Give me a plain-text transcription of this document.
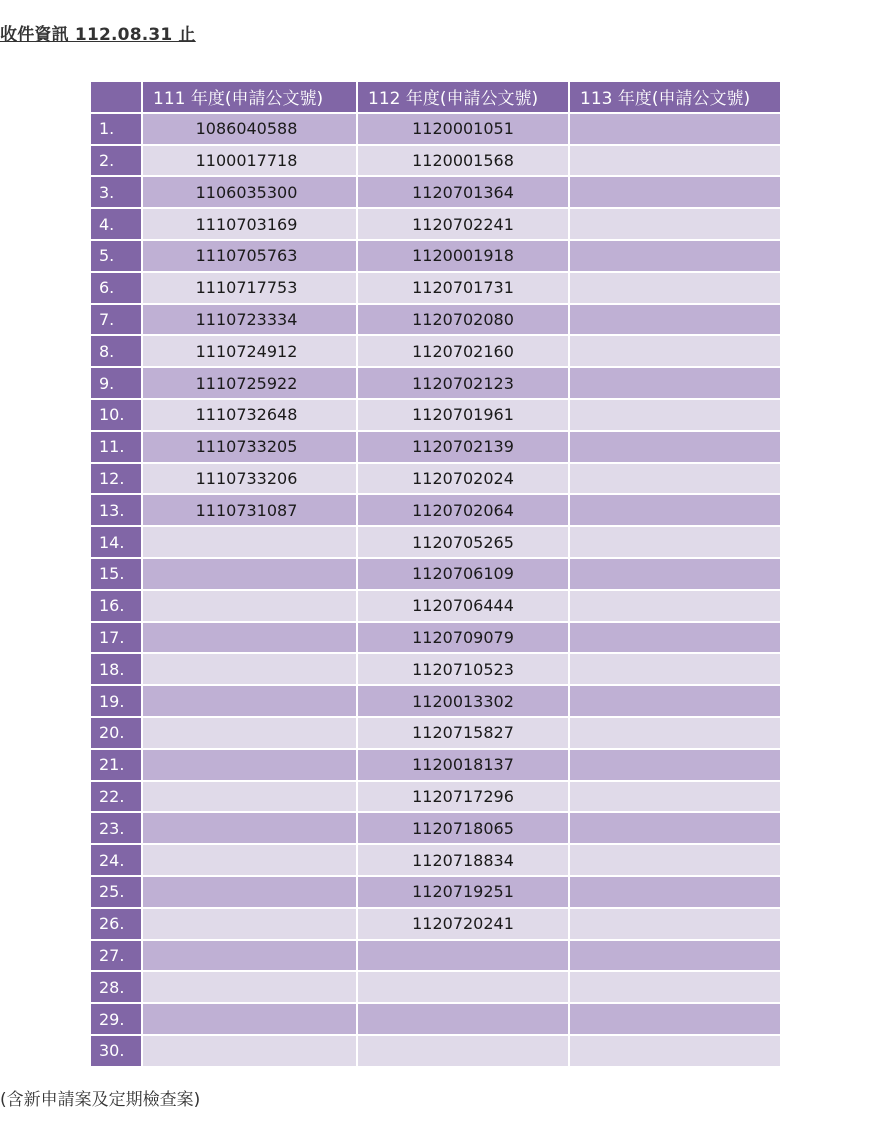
收件資訊 112.08.31 止
	111 年度(申請公文號)	112 年度(申請公文號)	113 年度(申請公文號)
1.	1086040588	1120001051	
2.	1100017718	1120001568	
3.	1106035300	1120701364	
4.	1110703169	1120702241	
5.	1110705763	1120001918	
6.	1110717753	1120701731	
7.	1110723334	1120702080	
8.	1110724912	1120702160	
9.	1110725922	1120702123	
10.	1110732648	1120701961	
11.	1110733205	1120702139	
12.	1110733206	1120702024	
13.	1110731087	1120702064	
14.		1120705265	
15.		1120706109	
16.		1120706444	
17.		1120709079	
18.		1120710523	
19.		1120013302	
20.		1120715827	
21.		1120018137	
22.		1120717296	
23.		1120718065	
24.		1120718834	
25.		1120719251	
26.		1120720241	
27.			
28.			
29.			
30.			
(含新申請案及定期檢查案)
